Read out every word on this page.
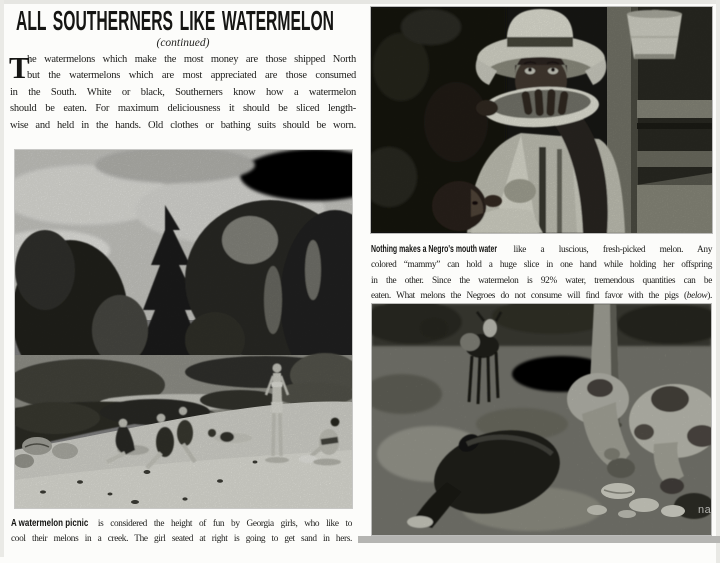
ALL SOUTHERNERS LIKE WATERMELON
(continued)
T
he watermelons which make the most money are those shipped North
but the watermelons which are most appreciated are those consumed
in the South. White or black, Southerners know how a watermelon
should be eaten. For maximum deliciousness it should be sliced length-
wise and held in the hands. Old clothes or bathing suits should be worn.
A watermelon picnic is considered the height of fun by Georgia girls, who like to
cool their melons in a creek. The girl seated at right is going to get sand in hers.
Nothing makes a Negro's mouth water like a luscious, fresh-picked melon. Any
colored “mammy” can hold a huge slice in one hand while holding her offspring
in the other. Since the watermelon is 92% water, tremendous quantities can be
eaten. What melons the Negroes do not consume will find favor with the pigs (below).
na
